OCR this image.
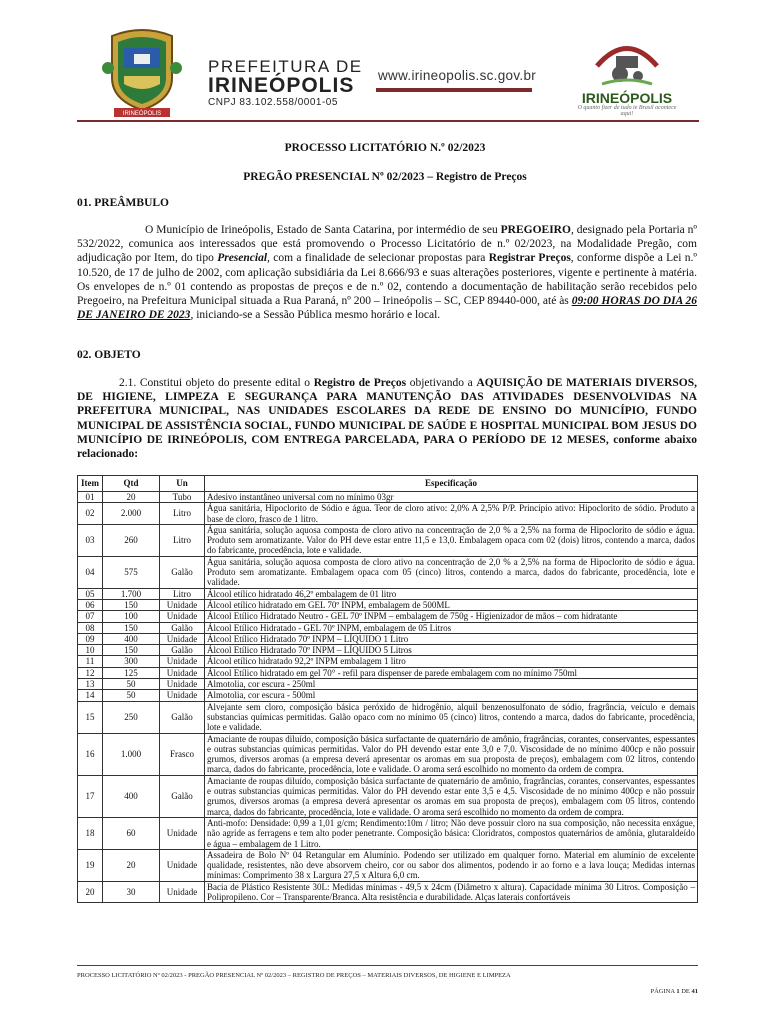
IRINEÓPOLIS
PREFEITURA DE
IRINEÓPOLIS
CNPJ 83.102.558/0001-05
www.irineopolis.sc.gov.br
IRINEÓPOLIS
O quanto fizer de tudo te Brasil acontece aqui!
PROCESSO LICITATÓRIO N.º 02/2023
PREGÃO PRESENCIAL Nº 02/2023 – Registro de Preços
01. PREÂMBULO

O Município de Irineópolis, Estado de Santa Catarina, por intermédio de seu PREGOEIRO, designado pela Portaria nº 532/2022, comunica aos interessados que está promovendo o Processo Licitatório de n.º 02/2023, na Modalidade Pregão, com adjudicação por Item, do tipo Presencial, com a finalidade de selecionar propostas para Registrar Preços, conforme dispõe a Lei n.º 10.520, de 17 de julho de 2002, com aplicação subsidiária da Lei 8.666/93 e suas alterações posteriores, vigente e pertinente à matéria. Os envelopes de n.º 01 contendo as propostas de preços e de n.º 02, contendo a documentação de habilitação serão recebidos pelo Pregoeiro, na Prefeitura Municipal situada a Rua Paraná, nº 200 – Irineópolis – SC, CEP 89440-000, até às 09:00 HORAS DO DIA 26 DE JANEIRO DE 2023, iniciando-se a Sessão Pública mesmo horário e local.

02. OBJETO

2.1. Constitui objeto do presente edital o Registro de Preços objetivando a AQUISIÇÃO DE MATERIAIS DIVERSOS, DE HIGIENE, LIMPEZA E SEGURANÇA PARA MANUTENÇÃO DAS ATIVIDADES DESENVOLVIDAS NA PREFEITURA MUNICIPAL, NAS UNIDADES ESCOLARES DA REDE DE ENSINO DO MUNICÍPIO, FUNDO MUNICIPAL DE ASSISTÊNCIA SOCIAL, FUNDO MUNICIPAL DE SAÚDE E HOSPITAL MUNICIPAL BOM JESUS DO MUNICÍPIO DE IRINEÓPOLIS, COM ENTREGA PARCELADA, PARA O PERÍODO DE 12 MESES, conforme abaixo relacionado:

Item	Qtd	Un	Especificação
01	20	Tubo	Adesivo instantâneo universal com no mínimo 03gr
02	2.000	Litro	Água sanitária, Hipoclorito de Sódio e água. Teor de cloro ativo: 2,0% A 2,5% P/P. Princípio ativo: Hipoclorito de sódio. Produto a base de cloro, frasco de 1 litro.
03	260	Litro	Água sanitária, solução aquosa composta de cloro ativo na concentração de 2,0 % a 2,5% na forma de Hipoclorito de sódio e água. Produto sem aromatizante. Valor do PH deve estar entre 11,5 e 13,0. Embalagem opaca com 02 (dois) litros, contendo a marca, dados do fabricante, procedência, lote e validade.
04	575	Galão	Água sanitária, solução aquosa composta de cloro ativo na concentração de 2,0 % a 2,5% na forma de Hipoclorito de sódio e água. Produto sem aromatizante. Embalagem opaca com 05 (cinco) litros, contendo a marca, dados do fabricante, procedência, lote e validade.
05	1.700	Litro	Álcool etílico hidratado 46,2º embalagem de 01 litro
06	150	Unidade	Álcool etílico hidratado em GEL 70º INPM, embalagem de 500ML
07	100	Unidade	Álcool Etílico Hidratado Neutro - GEL 70º INPM – embalagem de 750g - Higienizador de mãos – com hidratante
08	150	Galão	Álcool Etílico Hidratado - GEL 70º INPM, embalagem de 05 Litros
09	400	Unidade	Álcool Etílico Hidratado 70º INPM – LÍQUIDO 1 Litro
10	150	Galão	Álcool Etílico Hidratado 70º INPM – LÍQUIDO 5 Litros
11	300	Unidade	Álcool etílico hidratado 92,2º INPM embalagem 1 litro
12	125	Unidade	Álcool Etílico hidratado em gel 70° - refil para dispenser de parede embalagem com no mínimo 750ml
13	50	Unidade	Almotolia, cor escura - 250ml
14	50	Unidade	Almotolia, cor escura - 500ml
15	250	Galão	Alvejante sem cloro, composição básica peróxido de hidrogênio, alquil benzenosulfonato de sódio, fragrância, veículo e demais substancias químicas permitidas. Galão opaco com no mínimo 05 (cinco) litros, contendo a marca, dados do fabricante, procedência, lote e validade.
16	1.000	Frasco	Amaciante de roupas diluído, composição básica surfactante de quaternário de amônio, fragrâncias, corantes, conservantes, espessantes e outras substancias químicas permitidas. Valor do PH devendo estar ente 3,0 e 7,0. Viscosidade de no mínimo 400cp e não possuir grumos, diversos aromas (a empresa deverá apresentar os aromas em sua proposta de preços), embalagem com 02 litros, contendo marca, dados do fabricante, procedência, lote e validade. O aroma será escolhido no momento da ordem de compra.
17	400	Galão	Amaciante de roupas diluído, composição básica surfactante de quaternário de amônio, fragrâncias, corantes, conservantes, espessantes e outras substancias químicas permitidas. Valor do PH devendo estar ente 3,5 e 4,5. Viscosidade de no mínimo 400cp e não possuir grumos, diversos aromas (a empresa deverá apresentar os aromas em sua proposta de preços), embalagem com 05 litros, contendo marca, dados do fabricante, procedência, lote e validade. O aroma será escolhido no momento da ordem de compra.
18	60	Unidade	Anti-mofo: Densidade: 0,99 a 1,01 g/cm; Rendimento:10m / litro; Não deve possuir cloro na sua composição, não necessita enxágue, não agride as ferragens e tem alto poder penetrante. Composição básica: Cloridratos, compostos quaternários de amônia, glutaraldeído e água – embalagem de 1 Litro.
19	20	Unidade	Assadeira de Bolo Nº 04 Retangular em Alumínio. Podendo ser utilizado em qualquer forno. Material em alumínio de excelente qualidade, resistentes, não deve absorvem cheiro, cor ou sabor dos alimentos, podendo ir ao forno e a lava louça; Medidas internas mínimas: Comprimento 38 x Largura 27,5 x Altura 6,0 cm.
20	30	Unidade	Bacia de Plástico Resistente 30L: Medidas mínimas - 49,5 x 24cm (Diâmetro x altura). Capacidade mínima 30 Litros. Composição – Polipropileno. Cor – Transparente/Branca. Alta resistência e durabilidade. Alças laterais confortáveis
PROCESSO LICITATÓRIO Nº 02/2023 - PREGÃO PRESENCIAL Nº 02/2023 – REGISTRO DE PREÇOS – MATERIAIS DIVERSOS, DE HIGIENE E LIMPEZA
PÁGINA 1 DE 41
